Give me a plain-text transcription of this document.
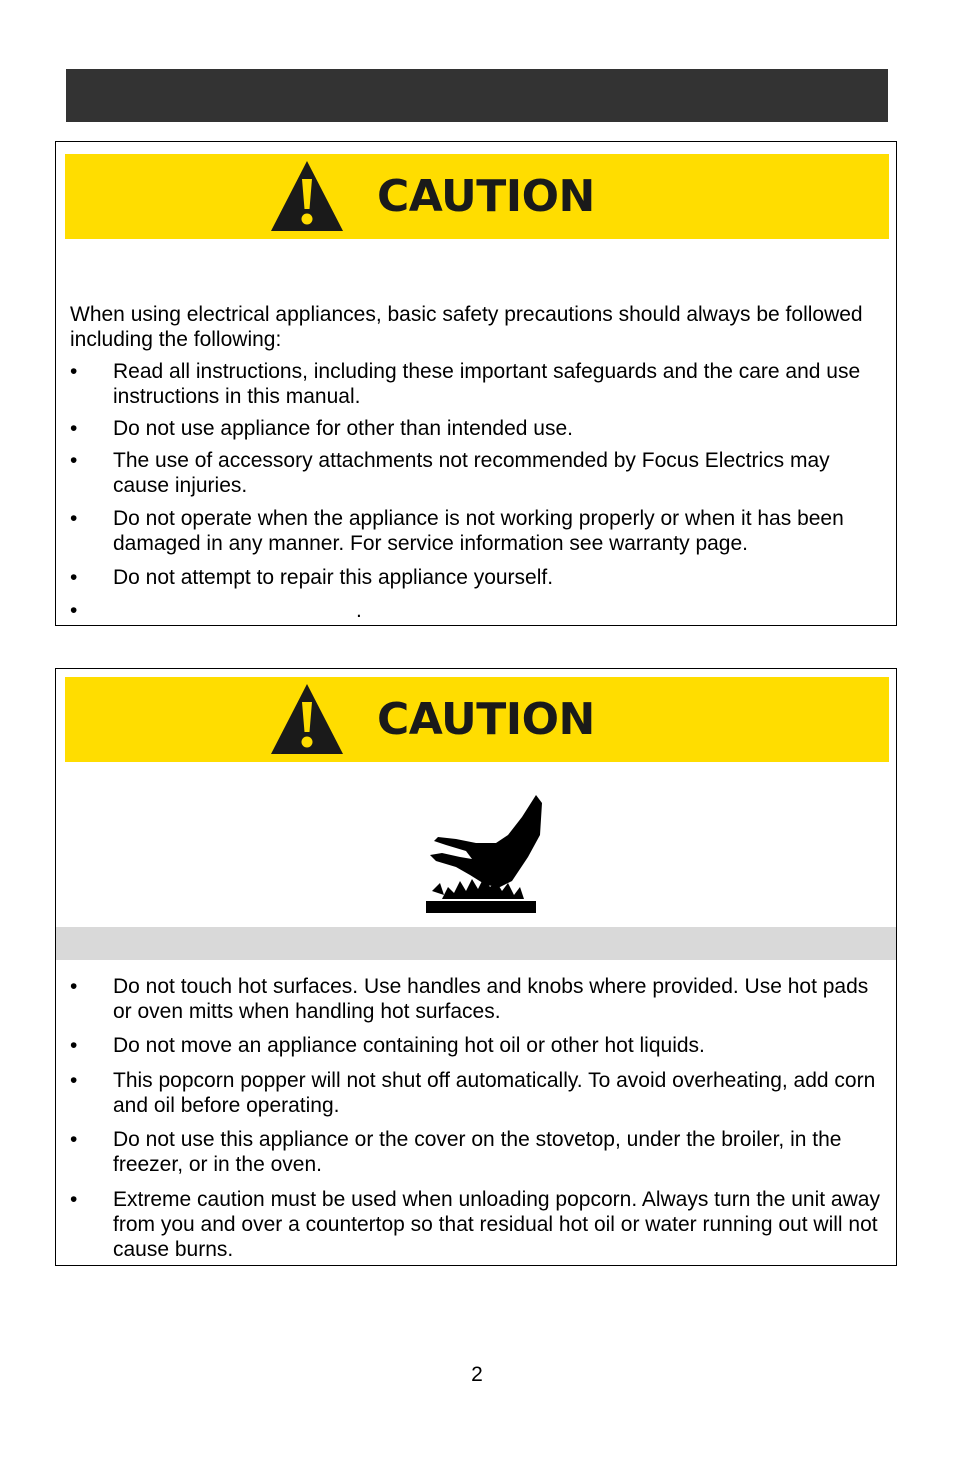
CAUTION

When using electrical appliances, basic safety precautions should always be followed including the following:

• Read all instructions, including these important safeguards and the care and use instructions in this manual.
• Do not use appliance for other than intended use.
• The use of accessory attachments not recommended by Focus Electrics may cause injuries.
• Do not operate when the appliance is not working properly or when it has been damaged in any manner. For service information see warranty page.
• Do not attempt to repair this appliance yourself.
•	.
CAUTION
• Do not touch hot surfaces. Use handles and knobs where provided. Use hot pads or oven mitts when handling hot surfaces.
• Do not move an appliance containing hot oil or other hot liquids.
• This popcorn popper will not shut off automatically. To avoid overheating, add corn and oil before operating.
• Do not use this appliance or the cover on the stovetop, under the broiler, in the freezer, or in the oven.
• Extreme caution must be used when unloading popcorn. Always turn the unit away from you and over a countertop so that residual hot oil or water running out will not cause burns.
2
